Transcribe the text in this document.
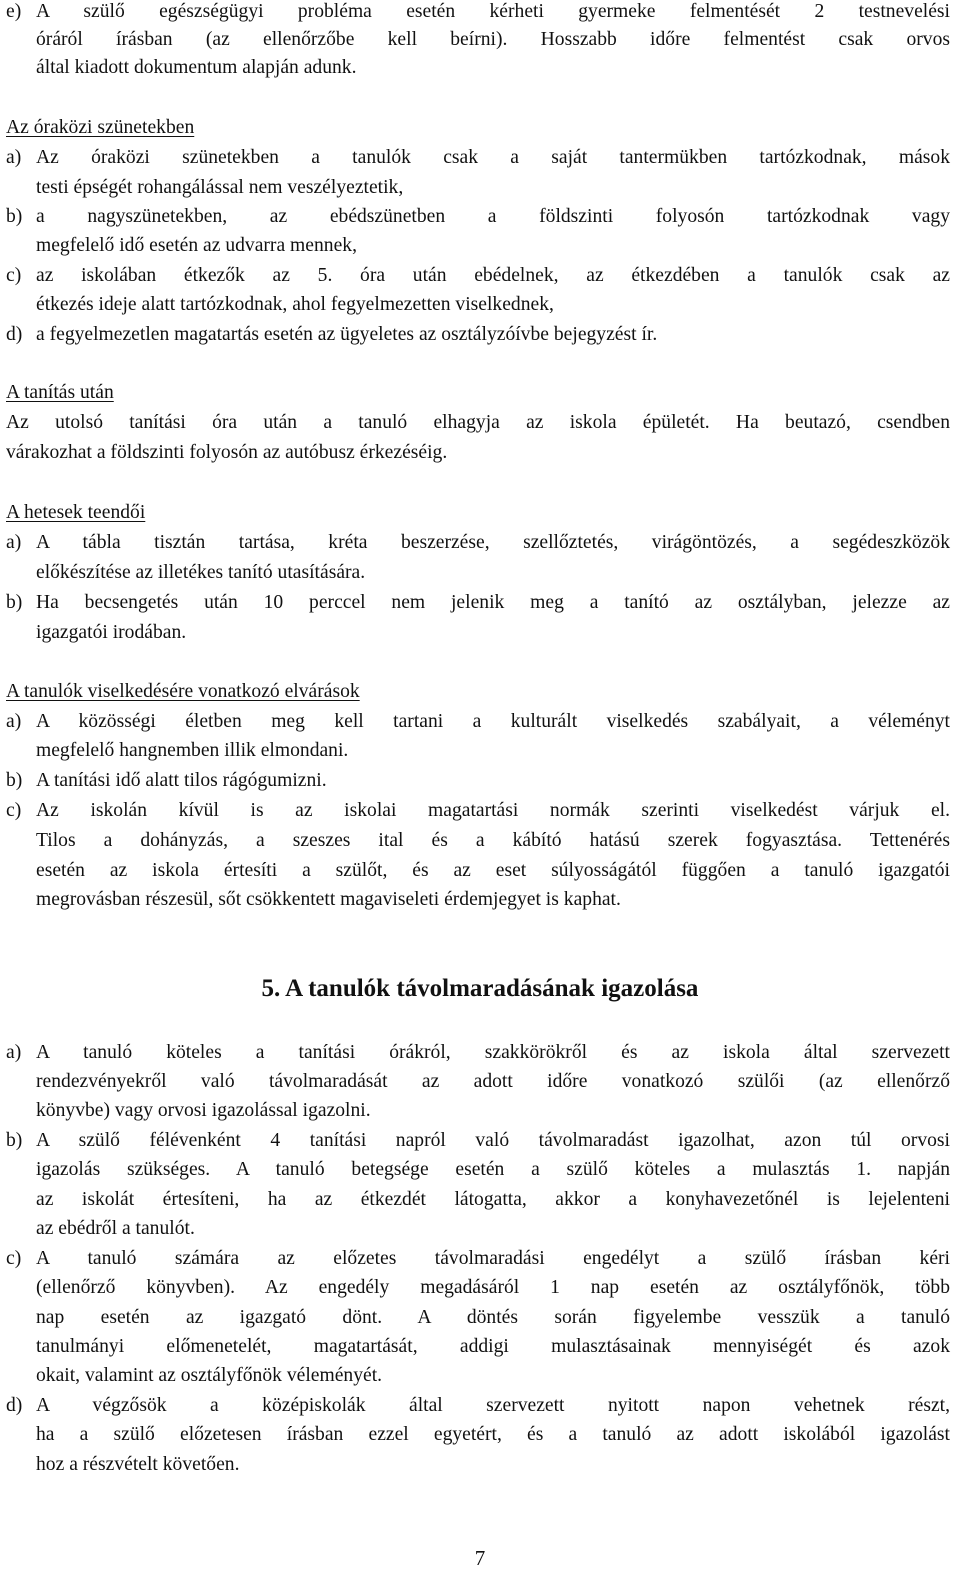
e) A szülő egészségügyi probléma esetén kérheti gyermeke felmentését 2 testnevelési
óráról írásban (az ellenőrzőbe kell beírni). Hosszabb időre felmentést csak orvos
által kiadott dokumentum alapján adunk.
Az óraközi szünetekben
a) Az óraközi szünetekben a tanulók csak a saját tantermükben tartózkodnak, mások
testi épségét rohangálással nem veszélyeztetik,
b) a nagyszünetekben, az ebédszünetben a földszinti folyosón tartózkodnak vagy
megfelelő idő esetén az udvarra mennek,
c) az iskolában étkezők az 5. óra után ebédelnek, az étkezdében a tanulók csak az
étkezés ideje alatt tartózkodnak, ahol fegyelmezetten viselkednek,
d) a fegyelmezetlen magatartás esetén az ügyeletes az osztályzóívbe bejegyzést ír.
A tanítás után
Az utolsó tanítási óra után a tanuló elhagyja az iskola épületét. Ha beutazó, csendben
várakozhat a földszinti folyosón az autóbusz érkezéséig.
A hetesek teendői
a) A tábla tisztán tartása, kréta beszerzése, szellőztetés, virágöntözés, a segédeszközök
előkészítése az illetékes tanító utasítására.
b) Ha becsengetés után 10 perccel nem jelenik meg a tanító az osztályban, jelezze az
igazgatói irodában.
A tanulók viselkedésére vonatkozó elvárások
a) A közösségi életben meg kell tartani a kulturált viselkedés szabályait, a véleményt
megfelelő hangnemben illik elmondani.
b) A tanítási idő alatt tilos rágógumizni.
c) Az iskolán kívül is az iskolai magatartási normák szerinti viselkedést várjuk el.
Tilos a dohányzás, a szeszes ital és a kábító hatású szerek fogyasztása. Tettenérés
esetén az iskola értesíti a szülőt, és az eset súlyosságától függően a tanuló igazgatói
megrovásban részesül, sőt csökkentett magaviseleti érdemjegyet is kaphat.
5. A tanulók távolmaradásának igazolása
a) A tanuló köteles a tanítási órákról, szakkörökről és az iskola által szervezett
rendezvényekről való távolmaradását az adott időre vonatkozó szülői (az ellenőrző
könyvbe) vagy orvosi igazolással igazolni.
b) A szülő félévenként 4 tanítási napról való távolmaradást igazolhat, azon túl orvosi
igazolás szükséges. A tanuló betegsége esetén a szülő köteles a mulasztás 1. napján
az iskolát értesíteni, ha az étkezdét látogatta, akkor a konyhavezetőnél is lejelenteni
az ebédről a tanulót.
c) A tanuló számára az előzetes távolmaradási engedélyt a szülő írásban kéri
(ellenőrző könyvben). Az engedély megadásáról 1 nap esetén az osztályfőnök, több
nap esetén az igazgató dönt. A döntés során figyelembe vesszük a tanuló
tanulmányi előmenetelét, magatartását, addigi mulasztásainak mennyiségét és azok
okait, valamint az osztályfőnök véleményét.
d) A végzősök a középiskolák által szervezett nyitott napon vehetnek részt,
ha a szülő előzetesen írásban ezzel egyetért, és a tanuló az adott iskolából igazolást
hoz a részvételt követően.
7
